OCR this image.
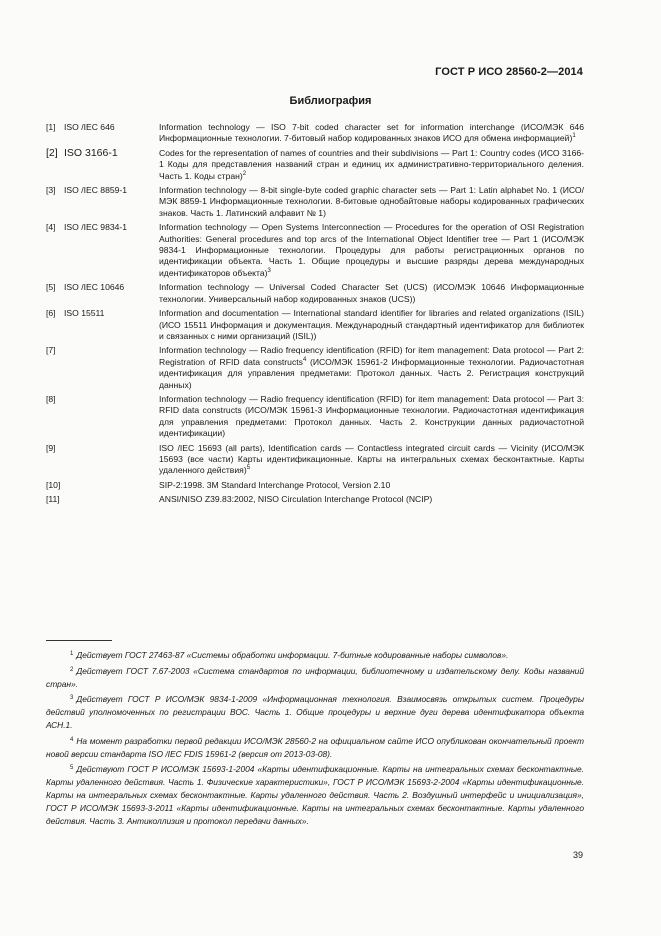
ГОСТ Р ИСО 28560-2—2014
Библиография
[1] ISO /IEC 646	Information technology — ISO 7-bit coded character set for information interchange (ИСО/МЭК 646 Информационные технологии. 7-битовый набор кодированных знаков ИСО для обмена информацией)$^1$
[2] ISO 3166-1	Codes for the representation of names of countries and their subdivisions — Part 1: Country codes (ИСО 3166-1 Коды для представления названий стран и единиц их административно-территориального деления. Часть 1. Коды стран)$^2$
[3] ISO /IEC 8859-1	Information technology — 8-bit single-byte coded graphic character sets — Part 1: Latin alphabet No. 1 (ИСО/МЭК 8859-1 Информационные технологии. 8-битовые однобайтовые наборы кодированных графических знаков. Часть 1. Латинский алфавит № 1)
[4] ISO /IEC 9834-1	Information technology — Open Systems Interconnection — Procedures for the operation of OSI Registration Authorities: General procedures and top arcs of the International Object Identifier tree — Part 1 (ИСО/МЭК 9834-1 Информационные технологии. Процедуры для работы регистрационных органов по идентификации объекта. Часть 1. Общие процедуры и высшие разряды дерева международных идентификаторов объекта)$^3$
[5] ISO /IEC 10646	Information technology — Universal Coded Character Set (UCS) (ИСО/МЭК 10646 Информационные технологии. Универсальный набор кодированных знаков (UCS))
[6] ISO 15511	Information and documentation — International standard identifier for libraries and related organizations (ISIL) (ИСО 15511 Информация и документация. Международный стандартный идентификатор для библиотек и связанных с ними организаций (ISIL))
[7]	Information technology — Radio frequency identification (RFID) for item management: Data protocol — Part 2: Registration of RFID data constructs$^4$ (ИСО/МЭК 15961-2 Информационные технологии. Радиочастотная идентификация для управления предметами: Протокол данных. Часть 2. Регистрация конструкций данных)
[8]	Information technology — Radio frequency identification (RFID) for item management: Data protocol — Part 3: RFID data constructs (ИСО/МЭК 15961-3 Информационные технологии. Радиочастотная идентификация для управления предметами: Протокол данных. Часть 2. Конструкции данных радиочастотной идентификации)
[9]	ISO /IEC 15693 (all parts), Identification cards — Contactless integrated circuit cards — Vicinity (ИСО/МЭК 15693 (все части) Карты идентификационные. Карты на интегральных схемах бесконтактные. Карты удаленного действия)$^5$
[10]	SIP-2:1998. 3M Standard Interchange Protocol, Version 2.10
[11]	ANSI/NISO Z39.83:2002, NISO Circulation Interchange Protocol (NCIP)
$^1$ Действует ГОСТ 27463-87 «Системы обработки информации. 7-битные кодированные наборы символов».
$^2$ Действует ГОСТ 7.67-2003 «Система стандартов по информации, библиотечному и издательскому делу. Коды названий стран».
$^3$ Действует ГОСТ Р ИСО/МЭК 9834-1-2009 «Информационная технология. Взаимосвязь открытых систем. Процедуры действий уполномоченных по регистрации ВОС. Часть 1. Общие процедуры и верхние дуги дерева идентификатора объекта АСН.1.
$^4$ На момент разработки первой редакции ИСО/МЭК 28560-2 на официальном сайте ИСО опубликован окончательный проект новой версии стандарта ISO /IEC FDIS 15961-2 (версия от 2013-03-08).
$^5$ Действуют ГОСТ Р ИСО/МЭК 15693-1-2004 «Карты идентификационные. Карты на интегральных схемах бесконтактные. Карты удаленного действия. Часть 1. Физические характеристики», ГОСТ Р ИСО/МЭК 15693-2-2004 «Карты идентификационные. Карты на интегральных схемах бесконтактные. Карты удаленного действия. Часть 2. Воздушный интерфейс и инициализация», ГОСТ Р ИСО/МЭК 15693-3-2011 «Карты идентификационные. Карты на интегральных схемах бесконтактные. Карты удаленного действия. Часть 3. Антиколлизия и протокол передачи данных».
39
